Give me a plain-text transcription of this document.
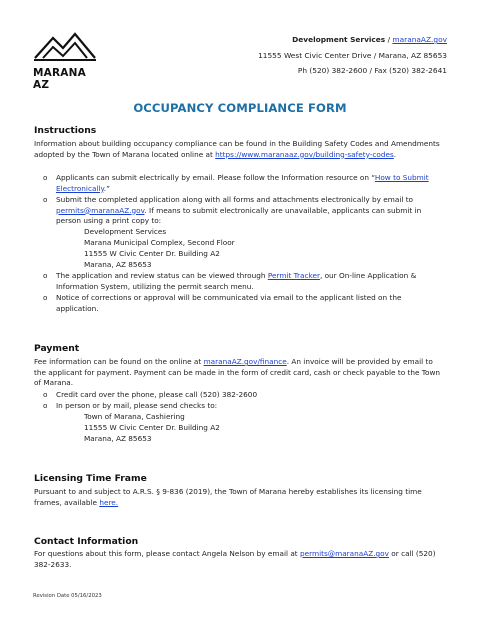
MARANA AZ
Development Services / maranaAZ.gov
11555 West Civic Center Drive / Marana, AZ 85653
Ph (520) 382-2600 / Fax (520) 382-2641
OCCUPANCY COMPLIANCE FORM
Instructions
Information about building occupancy compliance can be found in the Building Safety Codes and Amendments adopted by the Town of Marana located online at https://www.maranaaz.gov/building-safety-codes.
o Applicants can submit electrically by email. Please follow the Information resource on “How to Submit Electronically.”
o Submit the completed application along with all forms and attachments electronically by email to permits@maranaAZ.gov. If means to submit electronically are unavailable, applicants can submit in person using a print copy to:
Development Services
Marana Municipal Complex, Second Floor
11555 W Civic Center Dr. Building A2
Marana, AZ 85653
o The application and review status can be viewed through Permit Tracker, our On-line Application & Information System, utilizing the permit search menu.
o Notice of corrections or approval will be communicated via email to the applicant listed on the application.
Payment
Fee information can be found on the online at maranaAZ.gov/finance. An invoice will be provided by email to the applicant for payment. Payment can be made in the form of credit card, cash or check payable to the Town of Marana.
o Credit card over the phone, please call (520) 382-2600
o In person or by mail, please send checks to:
Town of Marana, Cashiering
11555 W Civic Center Dr. Building A2
Marana, AZ 85653
Licensing Time Frame
Pursuant to and subject to A.R.S. § 9-836 (2019), the Town of Marana hereby establishes its licensing time frames, available here.
Contact Information
For questions about this form, please contact Angela Nelson by email at permits@maranaAZ.gov or call (520) 382-2633.
Revision Date 05/16/2023
